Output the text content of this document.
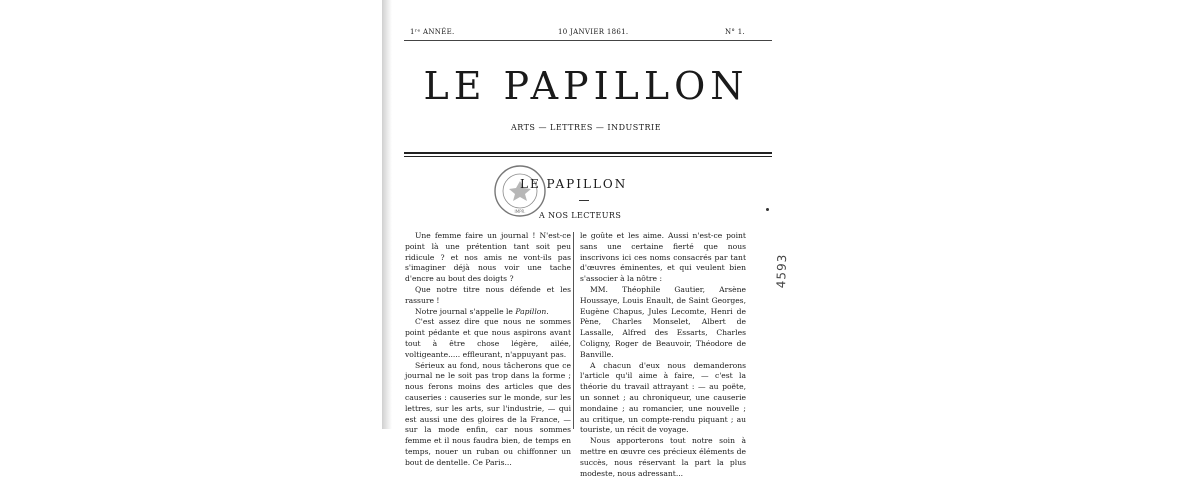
1ʳᵉ ANNÉE.	10 JANVIER 1861.	N° 1.
LE PAPILLON
ARTS — LETTRES — INDUSTRIE
IMPR.
LE PAPILLON
A NOS LECTEURS

Une femme faire un journal ! N'est-ce point là une prétention tant soit peu ridicule ? et nos amis ne vont-ils pas s'imaginer déjà nous voir une tache d'encre au bout des doigts ?

Que notre titre nous défende et les rassure !

Notre journal s'appelle le Papillon.

C'est assez dire que nous ne sommes point pédante et que nous aspirons avant tout à être chose légère, ailée, voltigeante..... effleurant, n'appuyant pas.

Sérieux au fond, nous tâcherons que ce journal ne le soit pas trop dans la forme ; nous ferons moins des articles que des causeries : causeries sur le monde, sur les lettres, sur les arts, sur l'industrie, — qui est aussi une des gloires de la France, — sur la mode enfin, car nous sommes femme et il nous faudra bien, de temps en temps, nouer un ruban ou chiffonner un bout de dentelle. Ce Paris...

le goûte et les aime. Aussi n'est-ce point sans une certaine fierté que nous inscrivons ici ces noms consacrés par tant d'œuvres éminentes, et qui veulent bien s'associer à la nôtre :

MM. Théophile Gautier, Arsène Houssaye, Louis Enault, de Saint Georges, Eugène Chapus, Jules Lecomte, Henri de Pène, Charles Monselet, Albert de Lassalle, Alfred des Essarts, Charles Coligny, Roger de Beauvoir, Théodore de Banville.

A chacun d'eux nous demanderons l'article qu'il aime à faire, — c'est la théorie du travail attrayant : — au poëte, un sonnet ; au chroniqueur, une causerie mondaine ; au romancier, une nouvelle ; au critique, un compte-rendu piquant ; au touriste, un récit de voyage.

Nous apporterons tout notre soin à mettre en œuvre ces précieux éléments de succès, nous réservant la part la plus modeste, nous adressant...

4593
